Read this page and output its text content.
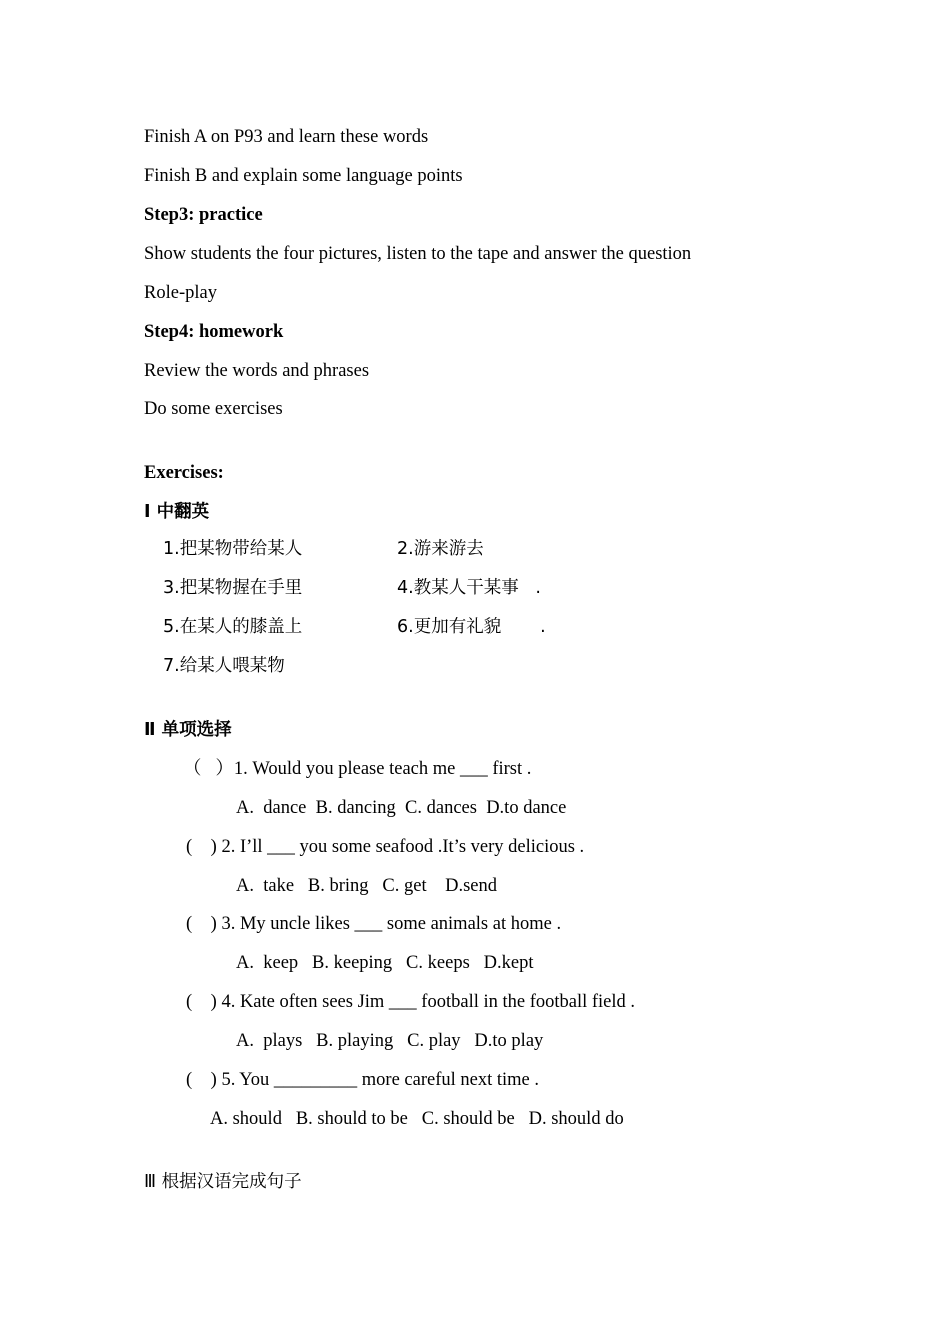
Finish A on P93 and learn these words
Finish B and explain some language points
Step3: practice
Show students the four pictures, listen to the tape and answer the question
Role-play
Step4: homework
Review the words and phrases
Do some exercises
Exercises:
Ⅰ 中翻英
1.把某物带给某人	2.游来游去
3.把某物握在手里	4.教某人干某事   .
5.在某人的膝盖上	6.更加有礼貌       .
7.给某人喂某物
Ⅱ 单项选择
（   ）1. Would you please teach me ___ first .
A.  dance  B. dancing  C. dances  D.to dance
(    ) 2. I’ll ___ you some seafood .It’s very delicious .
A.  take   B. bring   C. get    D.send
(    ) 3. My uncle likes ___ some animals at home .
A.  keep   B. keeping   C. keeps   D.kept
(    ) 4. Kate often sees Jim ___ football in the football field .
A.  plays   B. playing   C. play   D.to play
(    ) 5. You _________ more careful next time .
A. should   B. should to be   C. should be   D. should do
Ⅲ 根据汉语完成句子
